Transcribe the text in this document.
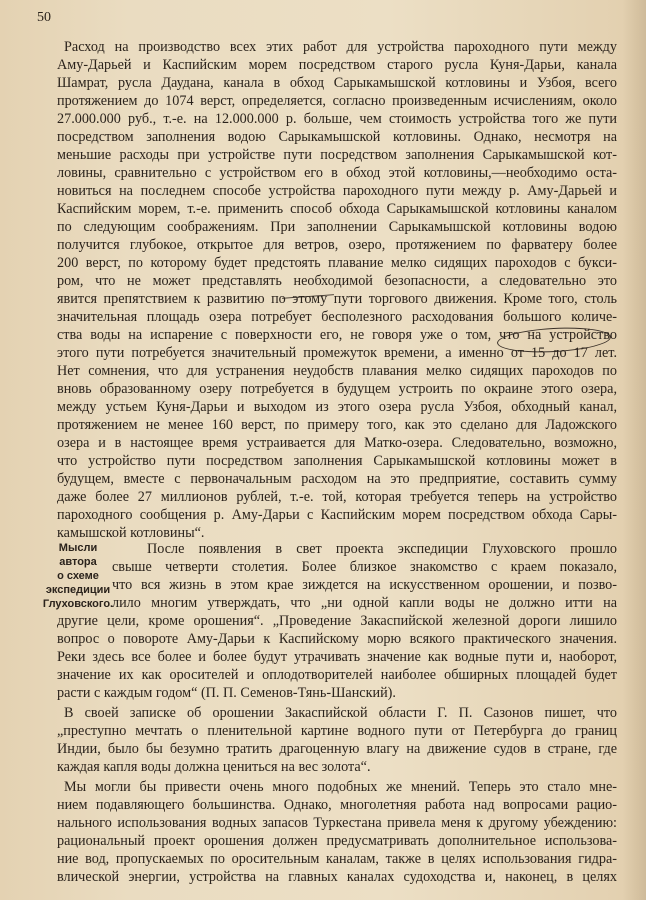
50
Мысли автора
о схеме
экспедиции
Глуховского.
Расход на производство всех этих работ для устройства пароходного пути между
Аму-Дарьей и Каспийским морем посредством старого русла Куня-Дарьи, канала
Шамрат, русла Даудана, канала в обход Сарыкамышской котловины и Узбоя, всего
протяжением до 1074 верст, определяется, согласно произведенным исчислениям, около
27.000.000 руб., т.-е. на 12.000.000 р. больше, чем стоимость устройства того же пути
посредством заполнения водою Сарыкамышской котловины. Однако, несмотря на
меньшие расходы при устройстве пути посредством заполнения Сарыкамышской кот-
ловины, сравнительно с устройством его в обход этой котловины,—необходимо оста-
новиться на последнем способе устройства пароходного пути между р. Аму-Дарьей и
Каспийским морем, т.-е. применить способ обхода Сарыкамышской котловины каналом
по следующим соображениям. При заполнении Сарыкамышской котловины водою
получится глубокое, открытое для ветров, озеро, протяжением по фарватеру более
200 верст, по которому будет предстоять плавание мелко сидящих пароходов с букси-
ром, что не может представлять необходимой безопасности, а следовательно это
явится препятствием к развитию по этому пути торгового движения. Кроме того, столь
значительная площадь озера потребует бесполезного расходования большого количе-
ства воды на испарение с поверхности его, не говоря уже о том, что на устройство
этого пути потребуется значительный промежуток времени, а именно от 15 до 17 лет.
Нет сомнения, что для устранения неудобств плавания мелко сидящих пароходов по
вновь образованному озеру потребуется в будущем устроить по окраине этого озера,
между устьем Куня-Дарьи и выходом из этого озера русла Узбоя, обходный канал,
протяжением не менее 160 верст, по примеру того, как это сделано для Ладожского
озера и в настоящее время устраивается для Матко-озера. Следовательно, возможно,
что устройство пути посредством заполнения Сарыкамышской котловины может в
будущем, вместе с первоначальным расходом на это предприятие, составить сумму
даже более 27 миллионов рублей, т.-е. той, которая требуется теперь на устройство
пароходного сообщения р. Аму-Дарьи с Каспийским морем посредством обхода Сары-
камышской котловины“.
После появления в свет проекта экспедиции Глуховского прошло
свыше четверти столетия. Более близкое знакомство с краем показало,
что вся жизнь в этом крае зиждется на искусственном орошении, и позво-
лило многим утверждать, что „ни одной капли воды не должно итти на
другие цели, кроме орошения“. „Проведение Закаспийской железной дороги лишило
вопрос о повороте Аму-Дарьи к Каспийскому морю всякого практического значения.
Реки здесь все более и более будут утрачивать значение как водные пути и, наоборот,
значение их как оросителей и оплодотворителей наиболее обширных площадей будет
расти с каждым годом“ (П. П. Семенов-Тянь-Шанский).
В своей записке об орошении Закаспийской области Г. П. Сазонов пишет, что
„преступно мечтать о пленительной картине водного пути от Петербурга до границ
Индии, было бы безумно тратить драгоценную влагу на движение судов в стране, где
каждая капля воды должна цениться на вес золота“.
Мы могли бы привести очень много подобных же мнений. Теперь это стало мне-
нием подавляющего большинства. Однако, многолетняя работа над вопросами рацио-
нального использования водных запасов Туркестана привела меня к другому убеждению:
рациональный проект орошения должен предусматривать дополнительное использова-
ние вод, пропускаемых по оросительным каналам, также в целях использования гидра-
влической энергии, устройства на главных каналах судоходства и, наконец, в целях
